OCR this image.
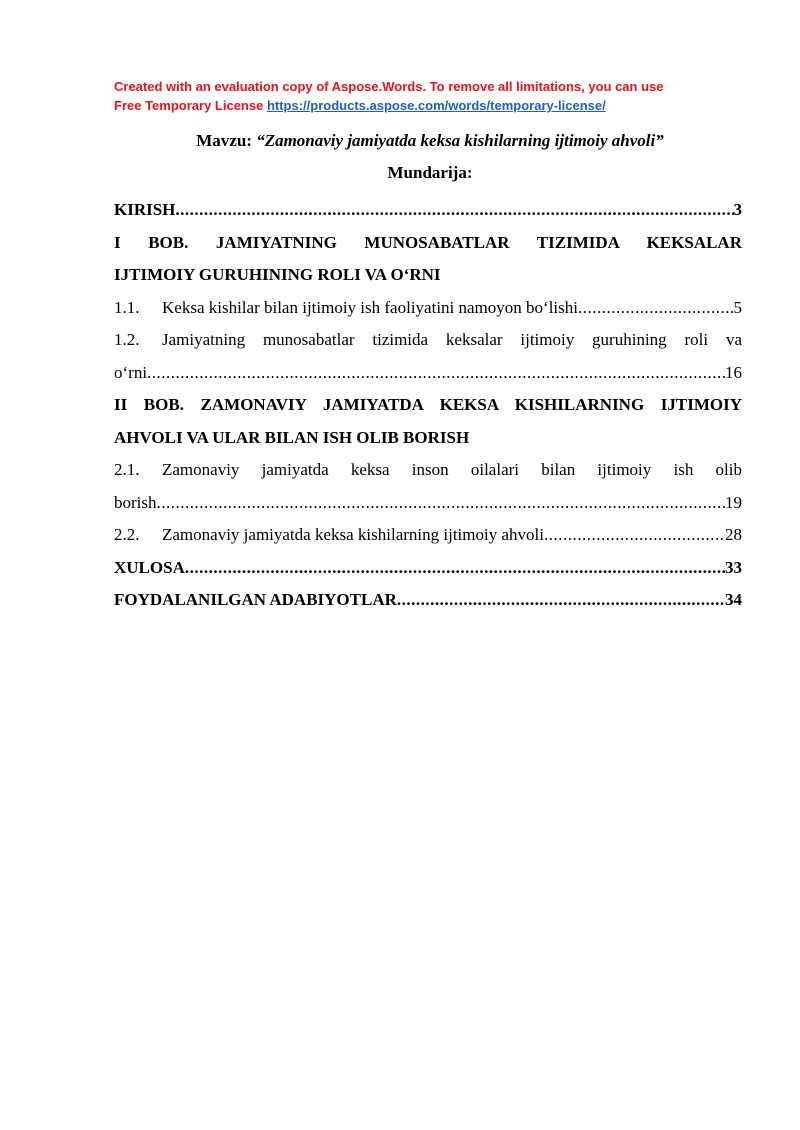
Created with an evaluation copy of Aspose.Words. To remove all limitations, you can use
Free Temporary License https://products.aspose.com/words/temporary-license/
Mavzu: “Zamonaviy jamiyatda keksa kishilarning ijtimoiy ahvoli”
Mundarija:
KIRISH .....	3
I BOB. JAMIYATNING MUNOSABATLAR TIZIMIDA KEKSALAR
IJTIMOIY GURUHINING ROLI VA O‘RNI
1.1. Keksa kishilar bilan ijtimoiy ish faoliyatini namoyon bo‘lishi .....	5
1.2. Jamiyatning munosabatlar tizimida keksalar ijtimoiy guruhining roli va
o‘rni .....	16
II BOB. ZAMONAVIY JAMIYATDA KEKSA KISHILARNING IJTIMOIY
AHVOLI VA ULAR BILAN ISH OLIB BORISH
2.1. Zamonaviy jamiyatda keksa inson oilalari bilan ijtimoiy ish olib
borish .....	19
2.2. Zamonaviy jamiyatda keksa kishilarning ijtimoiy ahvoli .....	28
XULOSA .....	33
FOYDALANILGAN ADABIYOTLAR .....	34
